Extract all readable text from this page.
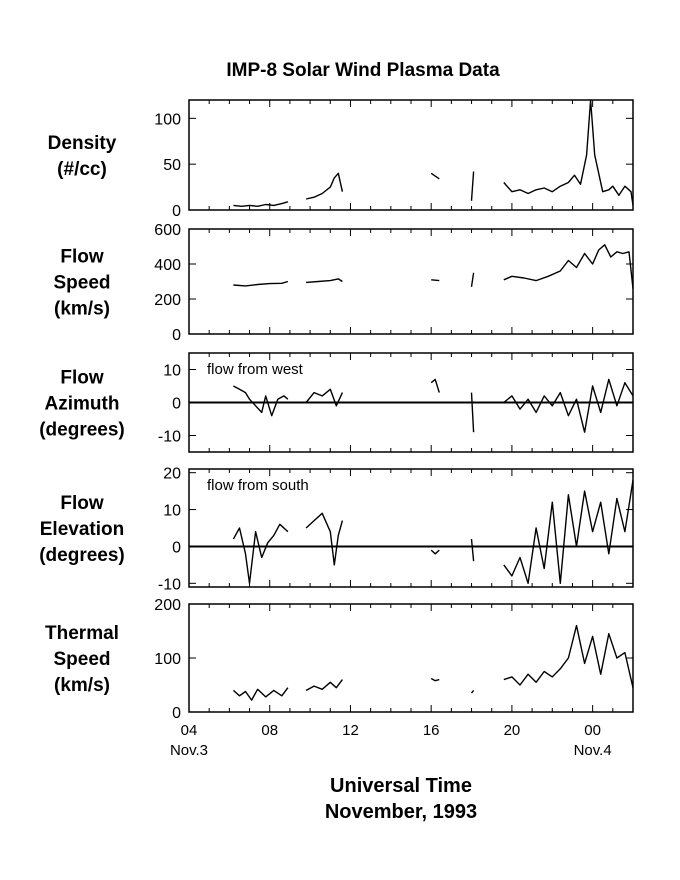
IMP-8 Solar Wind Plasma Data
0
50
100
Density
(#/cc)
0
200
400
600
Flow
Speed
(km/s)
-10
0
10 flow from west
Flow
Azimuth
(degrees)
-10
0
10
20
flow from south
Flow
Elevation
(degrees)
0
100
200
Thermal
Speed
(km/s)
04	08	12	16	20	00
Nov.3	Nov.4
Universal Time
November, 1993
